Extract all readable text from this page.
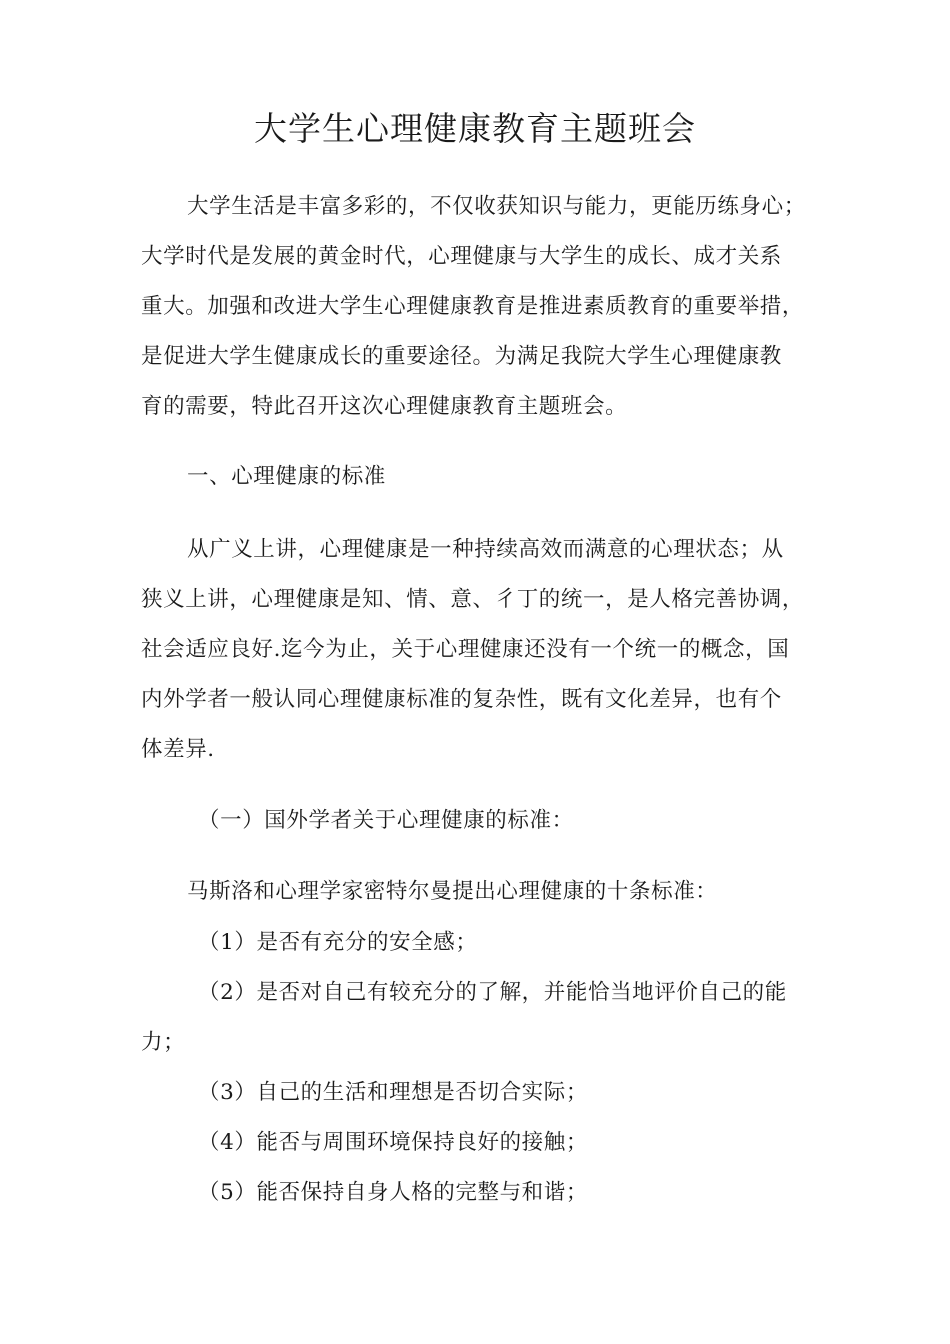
大学生心理健康教育主题班会
大学生活是丰富多彩的，不仅收获知识与能力，更能历练身心；
大学时代是发展的黄金时代，心理健康与大学生的成长、成才关系
重大。加强和改进大学生心理健康教育是推进素质教育的重要举措，
是促进大学生健康成长的重要途径。为满足我院大学生心理健康教
育的需要，特此召开这次心理健康教育主题班会。
一、心理健康的标准
从广义上讲，心理健康是一种持续高效而满意的心理状态；从
狭义上讲，心理健康是知、情、意、彳丁的统一，是人格完善协调，
社会适应良好.迄今为止，关于心理健康还没有一个统一的概念，国
内外学者一般认同心理健康标准的复杂性，既有文化差异，也有个
体差异.
（一）国外学者关于心理健康的标准：
马斯洛和心理学家密特尔曼提出心理健康的十条标准：
（1）是否有充分的安全感；
（2）是否对自己有较充分的了解，并能恰当地评价自己的能
力；
（3）自己的生活和理想是否切合实际；
（4）能否与周围环境保持良好的接触；
（5）能否保持自身人格的完整与和谐；
